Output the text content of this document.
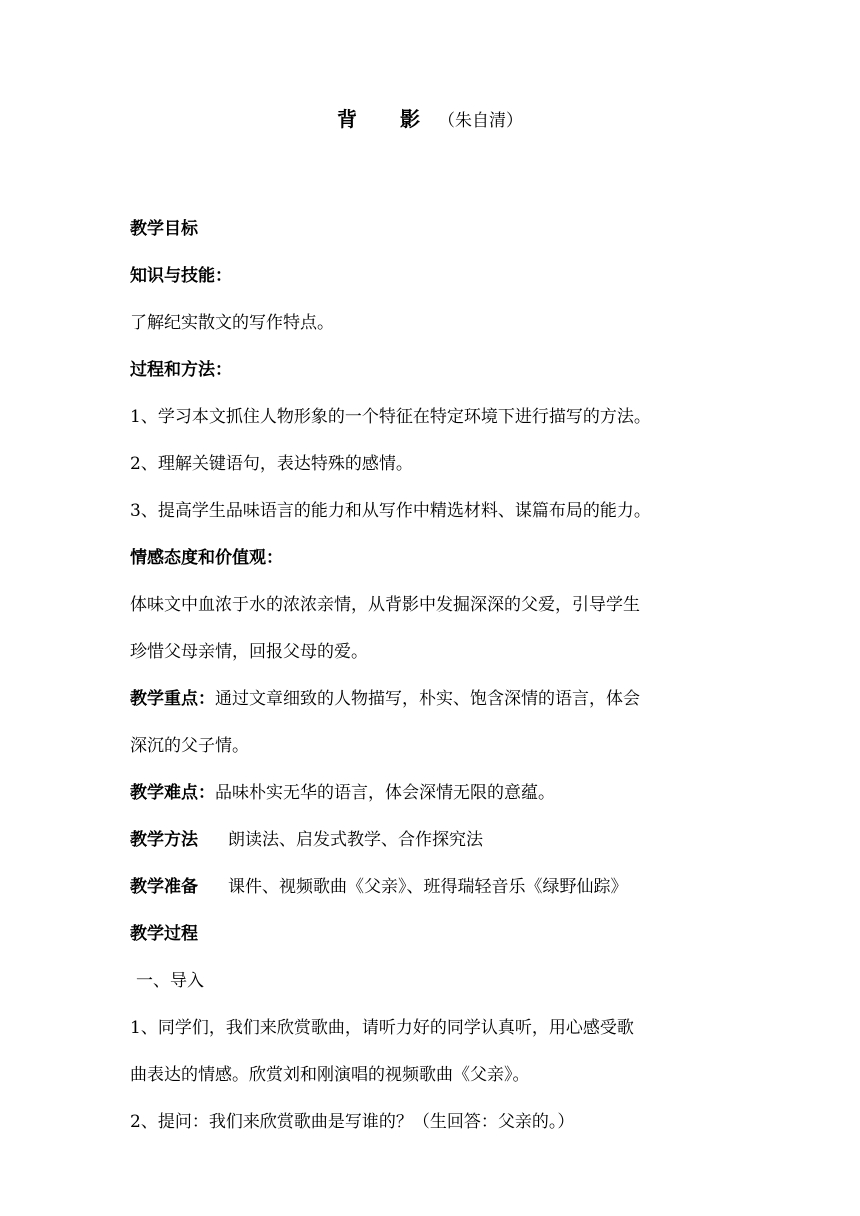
背 影（朱自清）
教学目标
知识与技能：
了解纪实散文的写作特点。
过程和方法：
1、学习本文抓住人物形象的一个特征在特定环境下进行描写的方法。
2、理解关键语句，表达特殊的感情。
3、提高学生品味语言的能力和从写作中精选材料、谋篇布局的能力。
情感态度和价值观：
体味文中血浓于水的浓浓亲情，从背影中发掘深深的父爱，引导学生
珍惜父母亲情，回报父母的爱。
教学重点：通过文章细致的人物描写，朴实、饱含深情的语言，体会
深沉的父子情。
教学难点：品味朴实无华的语言，体会深情无限的意蕴。
教学方法 朗读法、启发式教学、合作探究法
教学准备 课件、视频歌曲《父亲》、班得瑞轻音乐《绿野仙踪》
教学过程
一、导入
1、同学们，我们来欣赏歌曲，请听力好的同学认真听，用心感受歌
曲表达的情感。欣赏刘和刚演唱的视频歌曲《父亲》。
2、提问：我们来欣赏歌曲是写谁的？（生回答：父亲的。）
